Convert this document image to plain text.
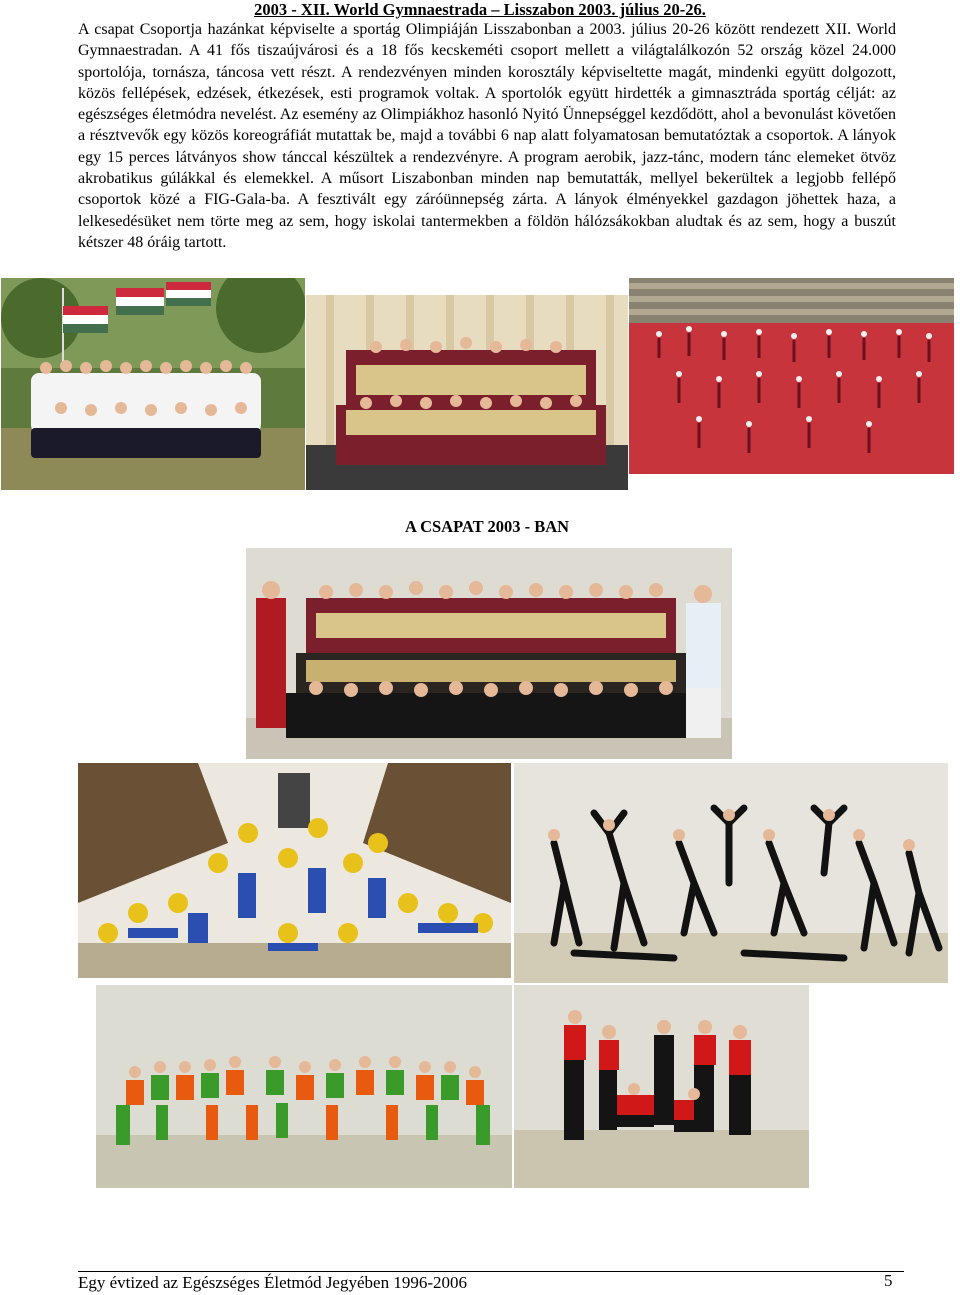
2003 - XII. World Gymnaestrada – Lisszabon 2003. július 20-26.

A csapat Csoportja hazánkat képviselte a sportág Olimpiáján Lisszabonban a 2003. július 20-26 között rendezett XII. World Gymnaestradan. A 41 fős tiszaújvárosi és a 18 fős kecskeméti csoport mellett a világtalálkozón 52 ország közel 24.000 sportolója, tornásza, táncosa vett részt. A rendezvényen minden korosztály képviseltette magát, mindenki együtt dolgozott, közös fellépések, edzések, étkezések, esti programok voltak. A sportolók együtt hirdették a gimnasztráda sportág célját: az egészséges életmódra nevelést. Az esemény az Olimpiákhoz hasonló Nyitó Ünnepséggel kezdődött, ahol a bevonulást követően a résztvevők egy közös koreográfiát mutattak be, majd a további 6 nap alatt folyamatosan bemutatóztak a csoportok. A lányok egy 15 perces látványos show tánccal készültek a rendezvényre. A program aerobik, jazz-tánc, modern tánc elemeket ötvöz akrobatikus gúlákkal és elemekkel. A műsort Liszabonban minden nap bemutatták, mellyel bekerültek a legjobb fellépő csoportok közé a FIG-Gala-ba. A fesztivált egy záróünnepség zárta. A lányok élményekkel gazdagon jöhettek haza, a lelkesedésüket nem törte meg az sem, hogy iskolai tantermekben a földön hálózsákokban aludtak és az sem, hogy a buszút kétszer 48 óráig tartott.

A CSAPAT 2003 - BAN
Egy évtized az Egészséges Életmód Jegyében 1996-2006	5
